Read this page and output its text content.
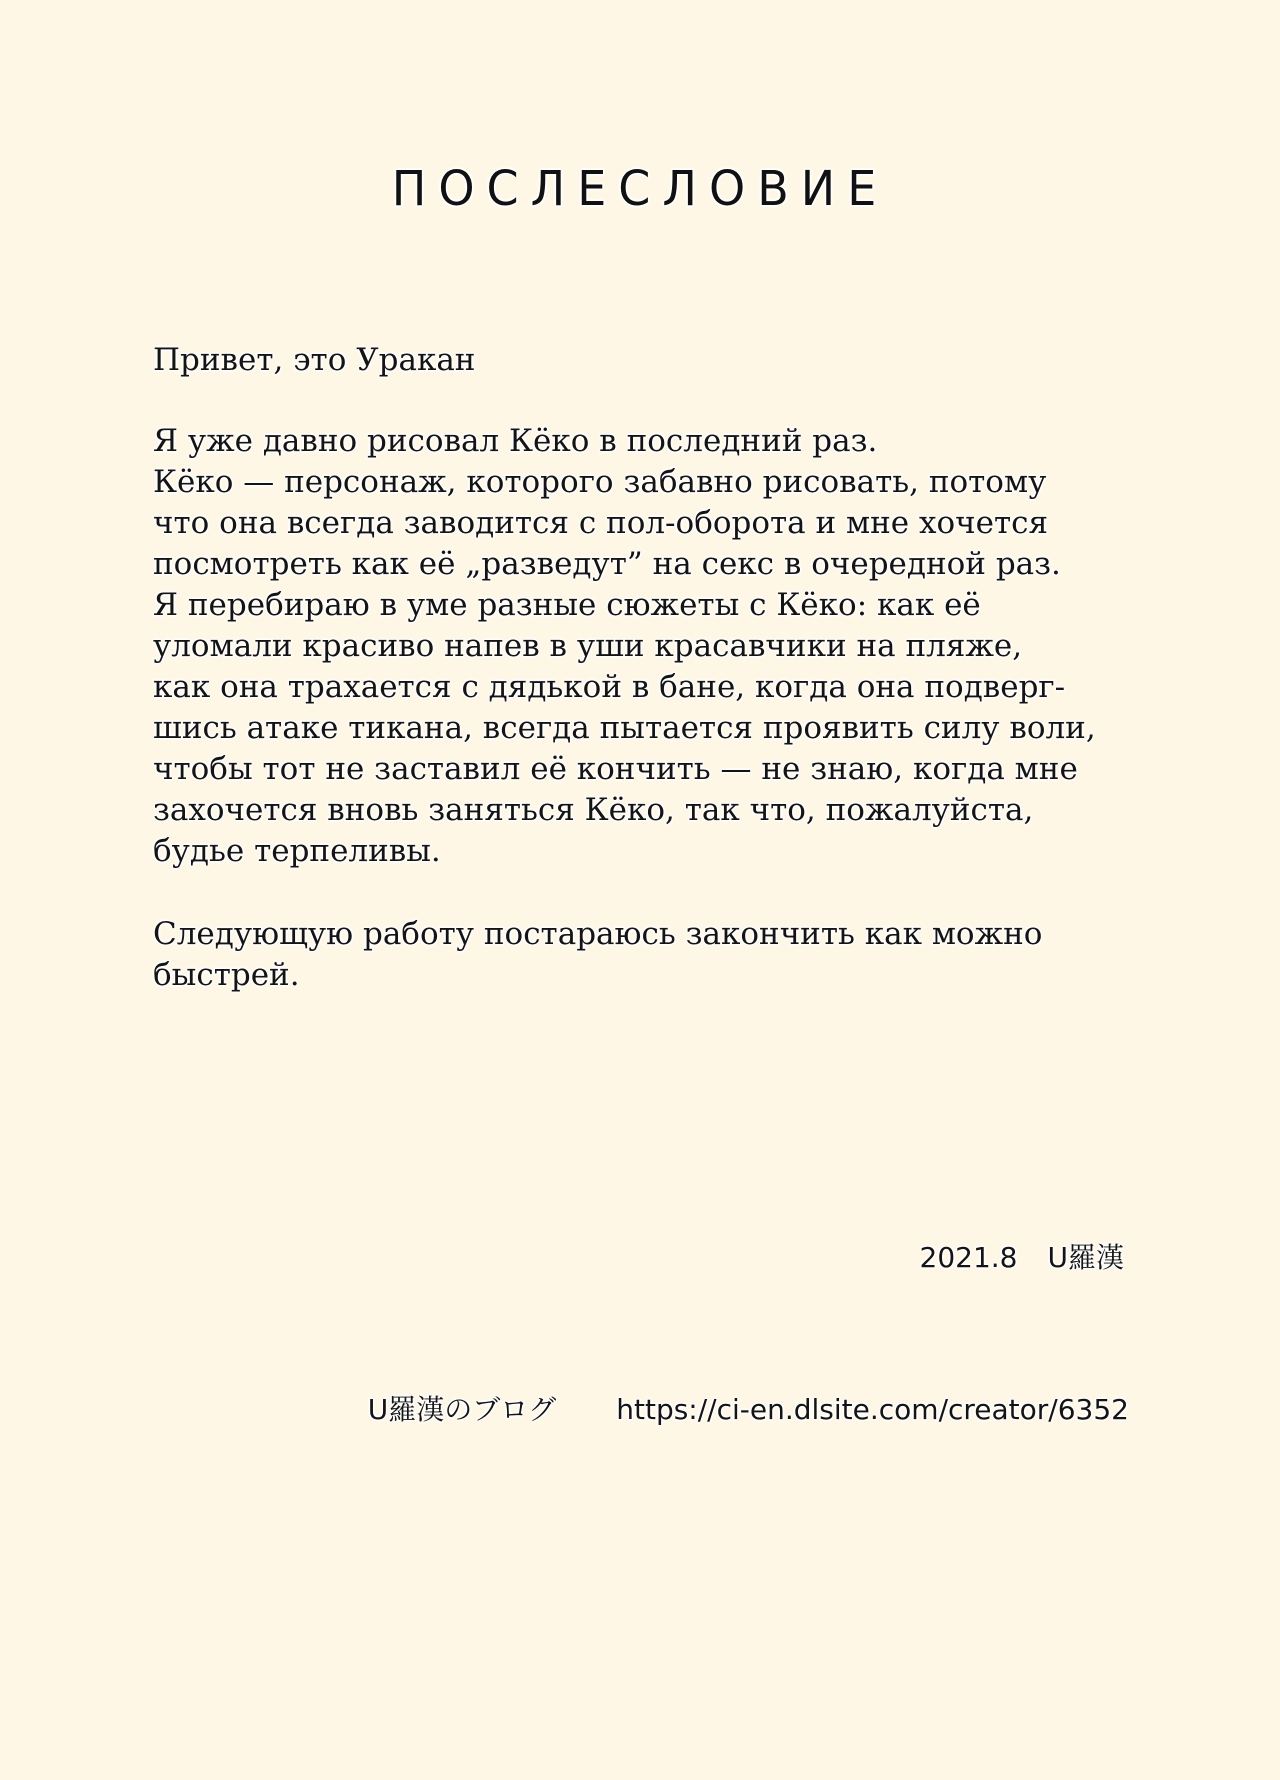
ПОСЛЕСЛОВИЕ

Привет, это Уракан

Я уже давно рисовал Кёко в последний раз.
Кёко — персонаж, которого забавно рисовать, потому
что она всегда заводится с пол-оборота и мне хочется
посмотреть как её „разведут” на секс в очередной раз.
Я перебираю в уме разные сюжеты с Кёко: как её
уломали красиво напев в уши красавчики на пляже,
как она трахается с дядькой в бане, когда она подверг-
шись атаке тикана, всегда пытается проявить силу воли,
чтобы тот не заставил её кончить — не знаю, когда мне
захочется вновь заняться Кёко, так что, пожалуйста,
будье терпеливы.
Следующую работу постараюсь закончить как можно
быстрей.
2021.8 U羅漢
U羅漢のブログ https://ci-en.dlsite.com/creator/6352
